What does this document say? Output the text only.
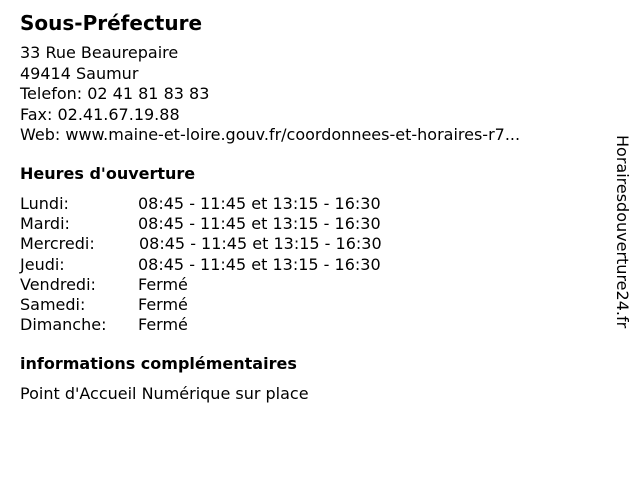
Sous-Préfecture
33 Rue Beaurepaire
49414 Saumur
Telefon: 02 41 81 83 83
Fax: 02.41.67.19.88
Web: www.maine-et-loire.gouv.fr/coordonnees-et-horaires-r7...
Heures d'ouverture
Lundi:	08:45 - 11:45 et 13:15 - 16:30
Mardi:	08:45 - 11:45 et 13:15 - 16:30
Mercredi:	08:45 - 11:45 et 13:15 - 16:30
Jeudi:	08:45 - 11:45 et 13:15 - 16:30
Vendredi:	Fermé
Samedi:	Fermé
Dimanche: Fermé
informations complémentaires
Point d'Accueil Numérique sur place
Horairesdouverture24.fr
